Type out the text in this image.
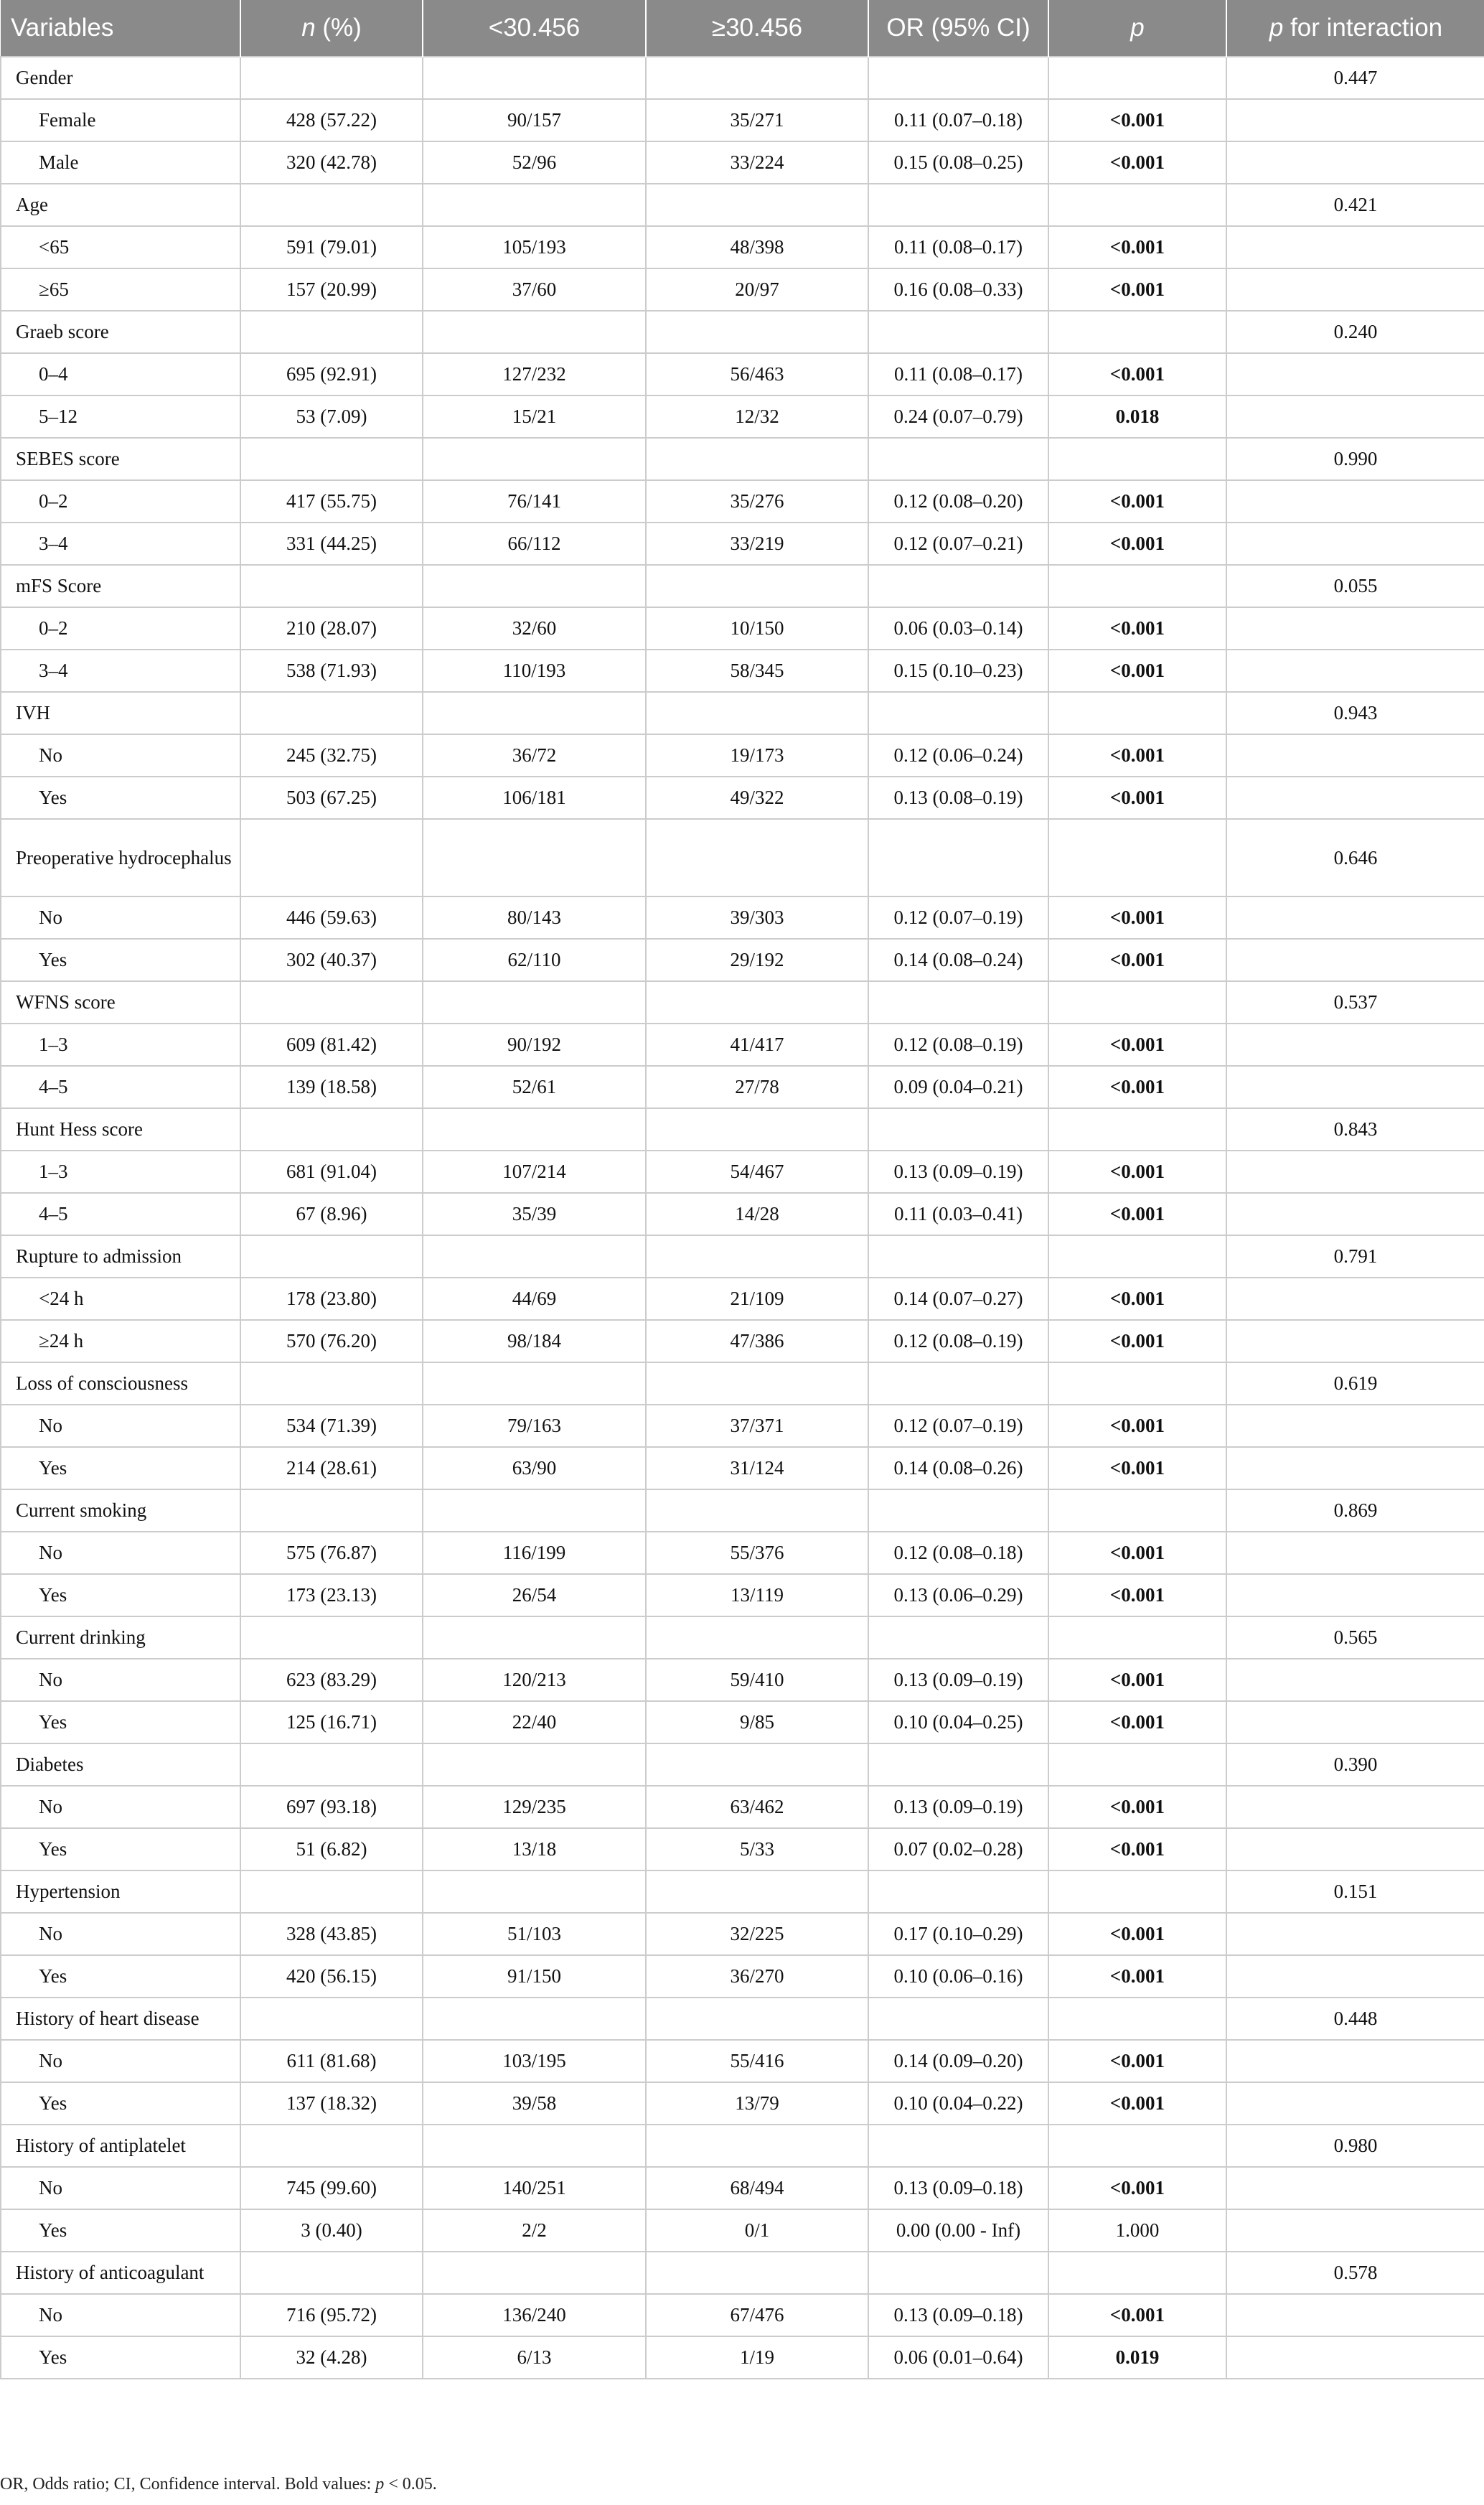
Variables	n (%)	<30.456	≥30.456	OR (95% CI)	p	p for interaction
Gender						0.447
Female	428 (57.22)	90/157	35/271	0.11 (0.07–0.18)	<0.001	
Male	320 (42.78)	52/96	33/224	0.15 (0.08–0.25)	<0.001	
Age						0.421
<65	591 (79.01)	105/193	48/398	0.11 (0.08–0.17)	<0.001	
≥65	157 (20.99)	37/60	20/97	0.16 (0.08–0.33)	<0.001	
Graeb score						0.240
0–4	695 (92.91)	127/232	56/463	0.11 (0.08–0.17)	<0.001	
5–12	53 (7.09)	15/21	12/32	0.24 (0.07–0.79)	0.018	
SEBES score						0.990
0–2	417 (55.75)	76/141	35/276	0.12 (0.08–0.20)	<0.001	
3–4	331 (44.25)	66/112	33/219	0.12 (0.07–0.21)	<0.001	
mFS Score						0.055
0–2	210 (28.07)	32/60	10/150	0.06 (0.03–0.14)	<0.001	
3–4	538 (71.93)	110/193	58/345	0.15 (0.10–0.23)	<0.001	
IVH						0.943
No	245 (32.75)	36/72	19/173	0.12 (0.06–0.24)	<0.001	
Yes	503 (67.25)	106/181	49/322	0.13 (0.08–0.19)	<0.001	
Preoperative hydrocephalus						0.646
No	446 (59.63)	80/143	39/303	0.12 (0.07–0.19)	<0.001	
Yes	302 (40.37)	62/110	29/192	0.14 (0.08–0.24)	<0.001	
WFNS score						0.537
1–3	609 (81.42)	90/192	41/417	0.12 (0.08–0.19)	<0.001	
4–5	139 (18.58)	52/61	27/78	0.09 (0.04–0.21)	<0.001	
Hunt Hess score						0.843
1–3	681 (91.04)	107/214	54/467	0.13 (0.09–0.19)	<0.001	
4–5	67 (8.96)	35/39	14/28	0.11 (0.03–0.41)	<0.001	
Rupture to admission						0.791
<24 h	178 (23.80)	44/69	21/109	0.14 (0.07–0.27)	<0.001	
≥24 h	570 (76.20)	98/184	47/386	0.12 (0.08–0.19)	<0.001	
Loss of consciousness						0.619
No	534 (71.39)	79/163	37/371	0.12 (0.07–0.19)	<0.001	
Yes	214 (28.61)	63/90	31/124	0.14 (0.08–0.26)	<0.001	
Current smoking						0.869
No	575 (76.87)	116/199	55/376	0.12 (0.08–0.18)	<0.001	
Yes	173 (23.13)	26/54	13/119	0.13 (0.06–0.29)	<0.001	
Current drinking						0.565
No	623 (83.29)	120/213	59/410	0.13 (0.09–0.19)	<0.001	
Yes	125 (16.71)	22/40	9/85	0.10 (0.04–0.25)	<0.001	
Diabetes						0.390
No	697 (93.18)	129/235	63/462	0.13 (0.09–0.19)	<0.001	
Yes	51 (6.82)	13/18	5/33	0.07 (0.02–0.28)	<0.001	
Hypertension						0.151
No	328 (43.85)	51/103	32/225	0.17 (0.10–0.29)	<0.001	
Yes	420 (56.15)	91/150	36/270	0.10 (0.06–0.16)	<0.001	
History of heart disease						0.448
No	611 (81.68)	103/195	55/416	0.14 (0.09–0.20)	<0.001	
Yes	137 (18.32)	39/58	13/79	0.10 (0.04–0.22)	<0.001	
History of antiplatelet						0.980
No	745 (99.60)	140/251	68/494	0.13 (0.09–0.18)	<0.001	
Yes	3 (0.40)	2/2	0/1	0.00 (0.00 - Inf)	1.000	
History of anticoagulant						0.578
No	716 (95.72)	136/240	67/476	0.13 (0.09–0.18)	<0.001	
Yes	32 (4.28)	6/13	1/19	0.06 (0.01–0.64)	0.019	
OR, Odds ratio; CI, Confidence interval. Bold values: p < 0.05.
